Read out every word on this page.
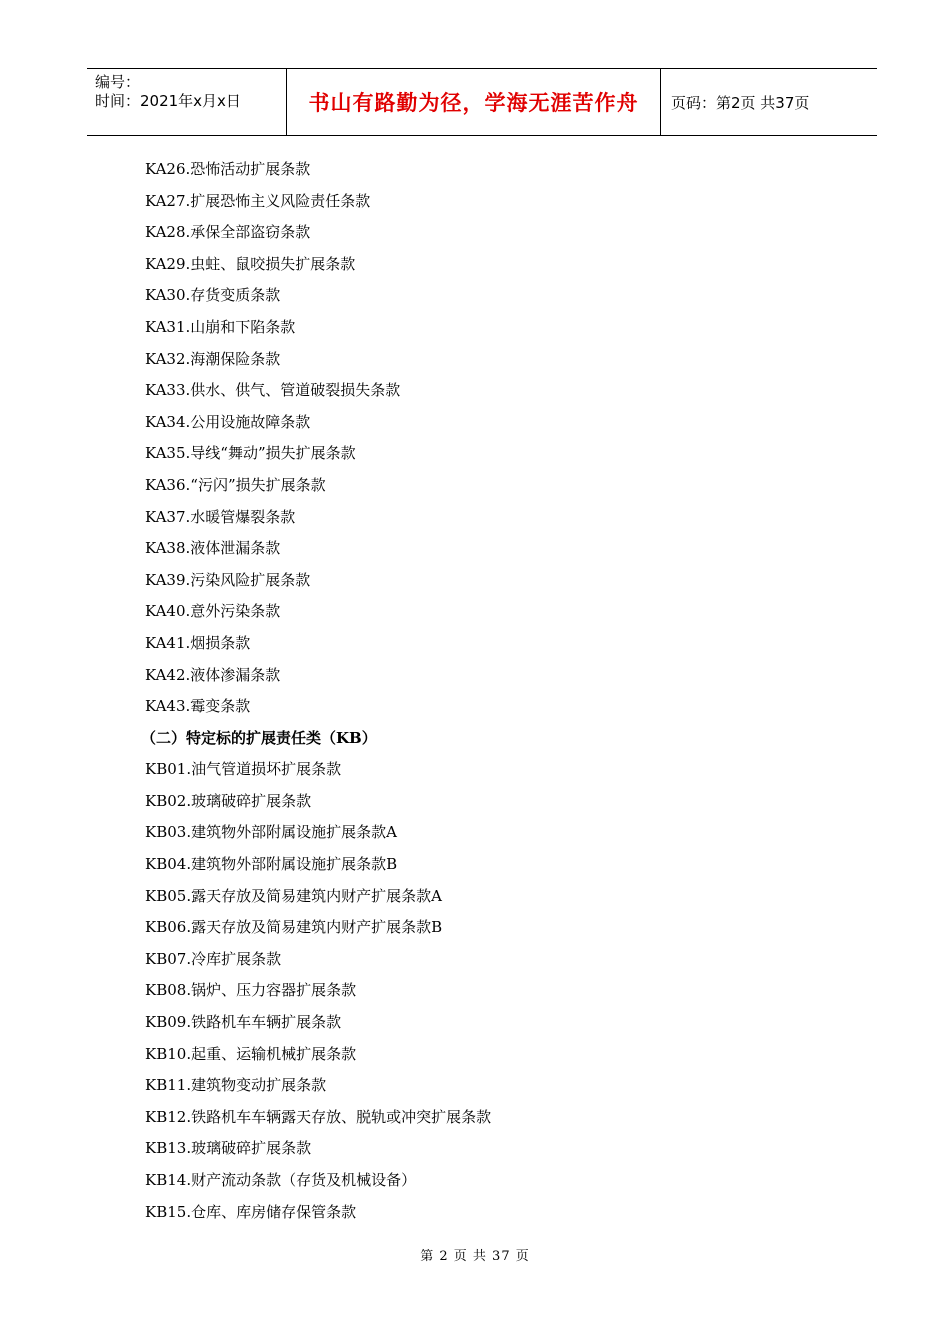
编号：
时间：2021年x月x日	书山有路勤为径，学海无涯苦作舟	页码：第2页 共37页
KA26.恐怖活动扩展条款
KA27.扩展恐怖主义风险责任条款
KA28.承保全部盗窃条款
KA29.虫蛀、鼠咬损失扩展条款
KA30.存货变质条款
KA31.山崩和下陷条款
KA32.海潮保险条款
KA33.供水、供气、管道破裂损失条款
KA34.公用设施故障条款
KA35.导线“舞动”损失扩展条款
KA36.“污闪”损失扩展条款
KA37.水暖管爆裂条款
KA38.液体泄漏条款
KA39.污染风险扩展条款
KA40.意外污染条款
KA41.烟损条款
KA42.液体渗漏条款
KA43.霉变条款
（二）特定标的扩展责任类（KB）
KB01.油气管道损坏扩展条款
KB02.玻璃破碎扩展条款
KB03.建筑物外部附属设施扩展条款A
KB04.建筑物外部附属设施扩展条款B
KB05.露天存放及简易建筑内财产扩展条款A
KB06.露天存放及简易建筑内财产扩展条款B
KB07.冷库扩展条款
KB08.锅炉、压力容器扩展条款
KB09.铁路机车车辆扩展条款
KB10.起重、运输机械扩展条款
KB11.建筑物变动扩展条款
KB12.铁路机车车辆露天存放、脱轨或冲突扩展条款
KB13.玻璃破碎扩展条款
KB14.财产流动条款（存货及机械设备）
KB15.仓库、库房储存保管条款
第 2 页 共 37 页
